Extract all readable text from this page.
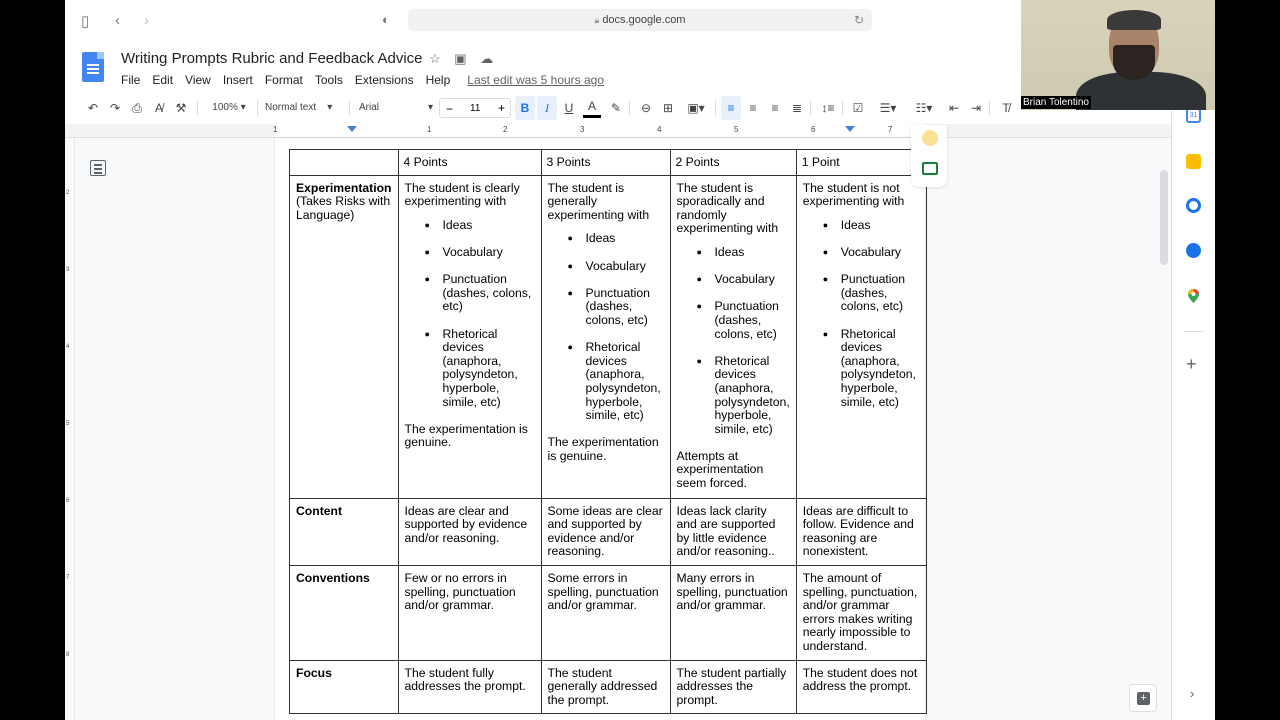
▯ ‹ ›	◐	🔒︎ docs.google.com	↻
Writing Prompts Rubric and Feedback Advice ☆ ▣ ☁
File Edit View Insert Format Tools Extensions Help Last edit was 5 hours ago
↶ ↷ ⎙	A̸	⚒	100% ▾	Normal text    ▾	Arial	▾ − 11 +	B	I	U	A	✎	⊖ ⊞	▣▾	≡	≡	≡	≣	↕≡	☑	☰▾	☷▾	⇤ ⇥	T̸
1	1	2	3	4	5	6	7
2
3
4
5
6
7
8
	4 Points	3 Points	2 Points	1 Point

Experimentation
(Takes Risks with Language)

The student is clearly experimenting with
● Ideas
● Vocabulary
● Punctuation (dashes, colons, etc)
● Rhetorical devices (anaphora, polysyndeton, hyperbole, simile, etc)
The experimentation is genuine.

The student is generally experimenting with
● Ideas
● Vocabulary
● Punctuation (dashes, colons, etc)
● Rhetorical devices (anaphora, polysyndeton, hyperbole, simile, etc)
The experimentation is genuine.

The student is sporadically and randomly experimenting with
● Ideas
● Vocabulary
● Punctuation (dashes, colons, etc)
● Rhetorical devices (anaphora, polysyndeton, hyperbole, simile, etc)
Attempts at experimentation seem forced.

The student is not experimenting with
● Ideas
● Vocabulary
● Punctuation (dashes, colons, etc)
● Rhetorical devices (anaphora, polysyndeton, hyperbole, simile, etc)

Content	Ideas are clear and supported by evidence and/or reasoning.	Some ideas are clear and supported by evidence and/or reasoning.	Ideas lack clarity and are supported by little evidence and/or reasoning..	Ideas are difficult to follow. Evidence and reasoning are nonexistent.
Conventions	Few or no errors in spelling, punctuation and/or grammar.	Some errors in spelling, punctuation and/or grammar.	Many errors in spelling, punctuation and/or grammar.	The amount of spelling, punctuation, and/or grammar errors makes writing nearly impossible to understand.
Focus	The student fully addresses the prompt.	The student generally addressed the prompt.	The student partially addresses the prompt.	The student does not address the prompt.
+
31
+
›
Brian Tolentino
